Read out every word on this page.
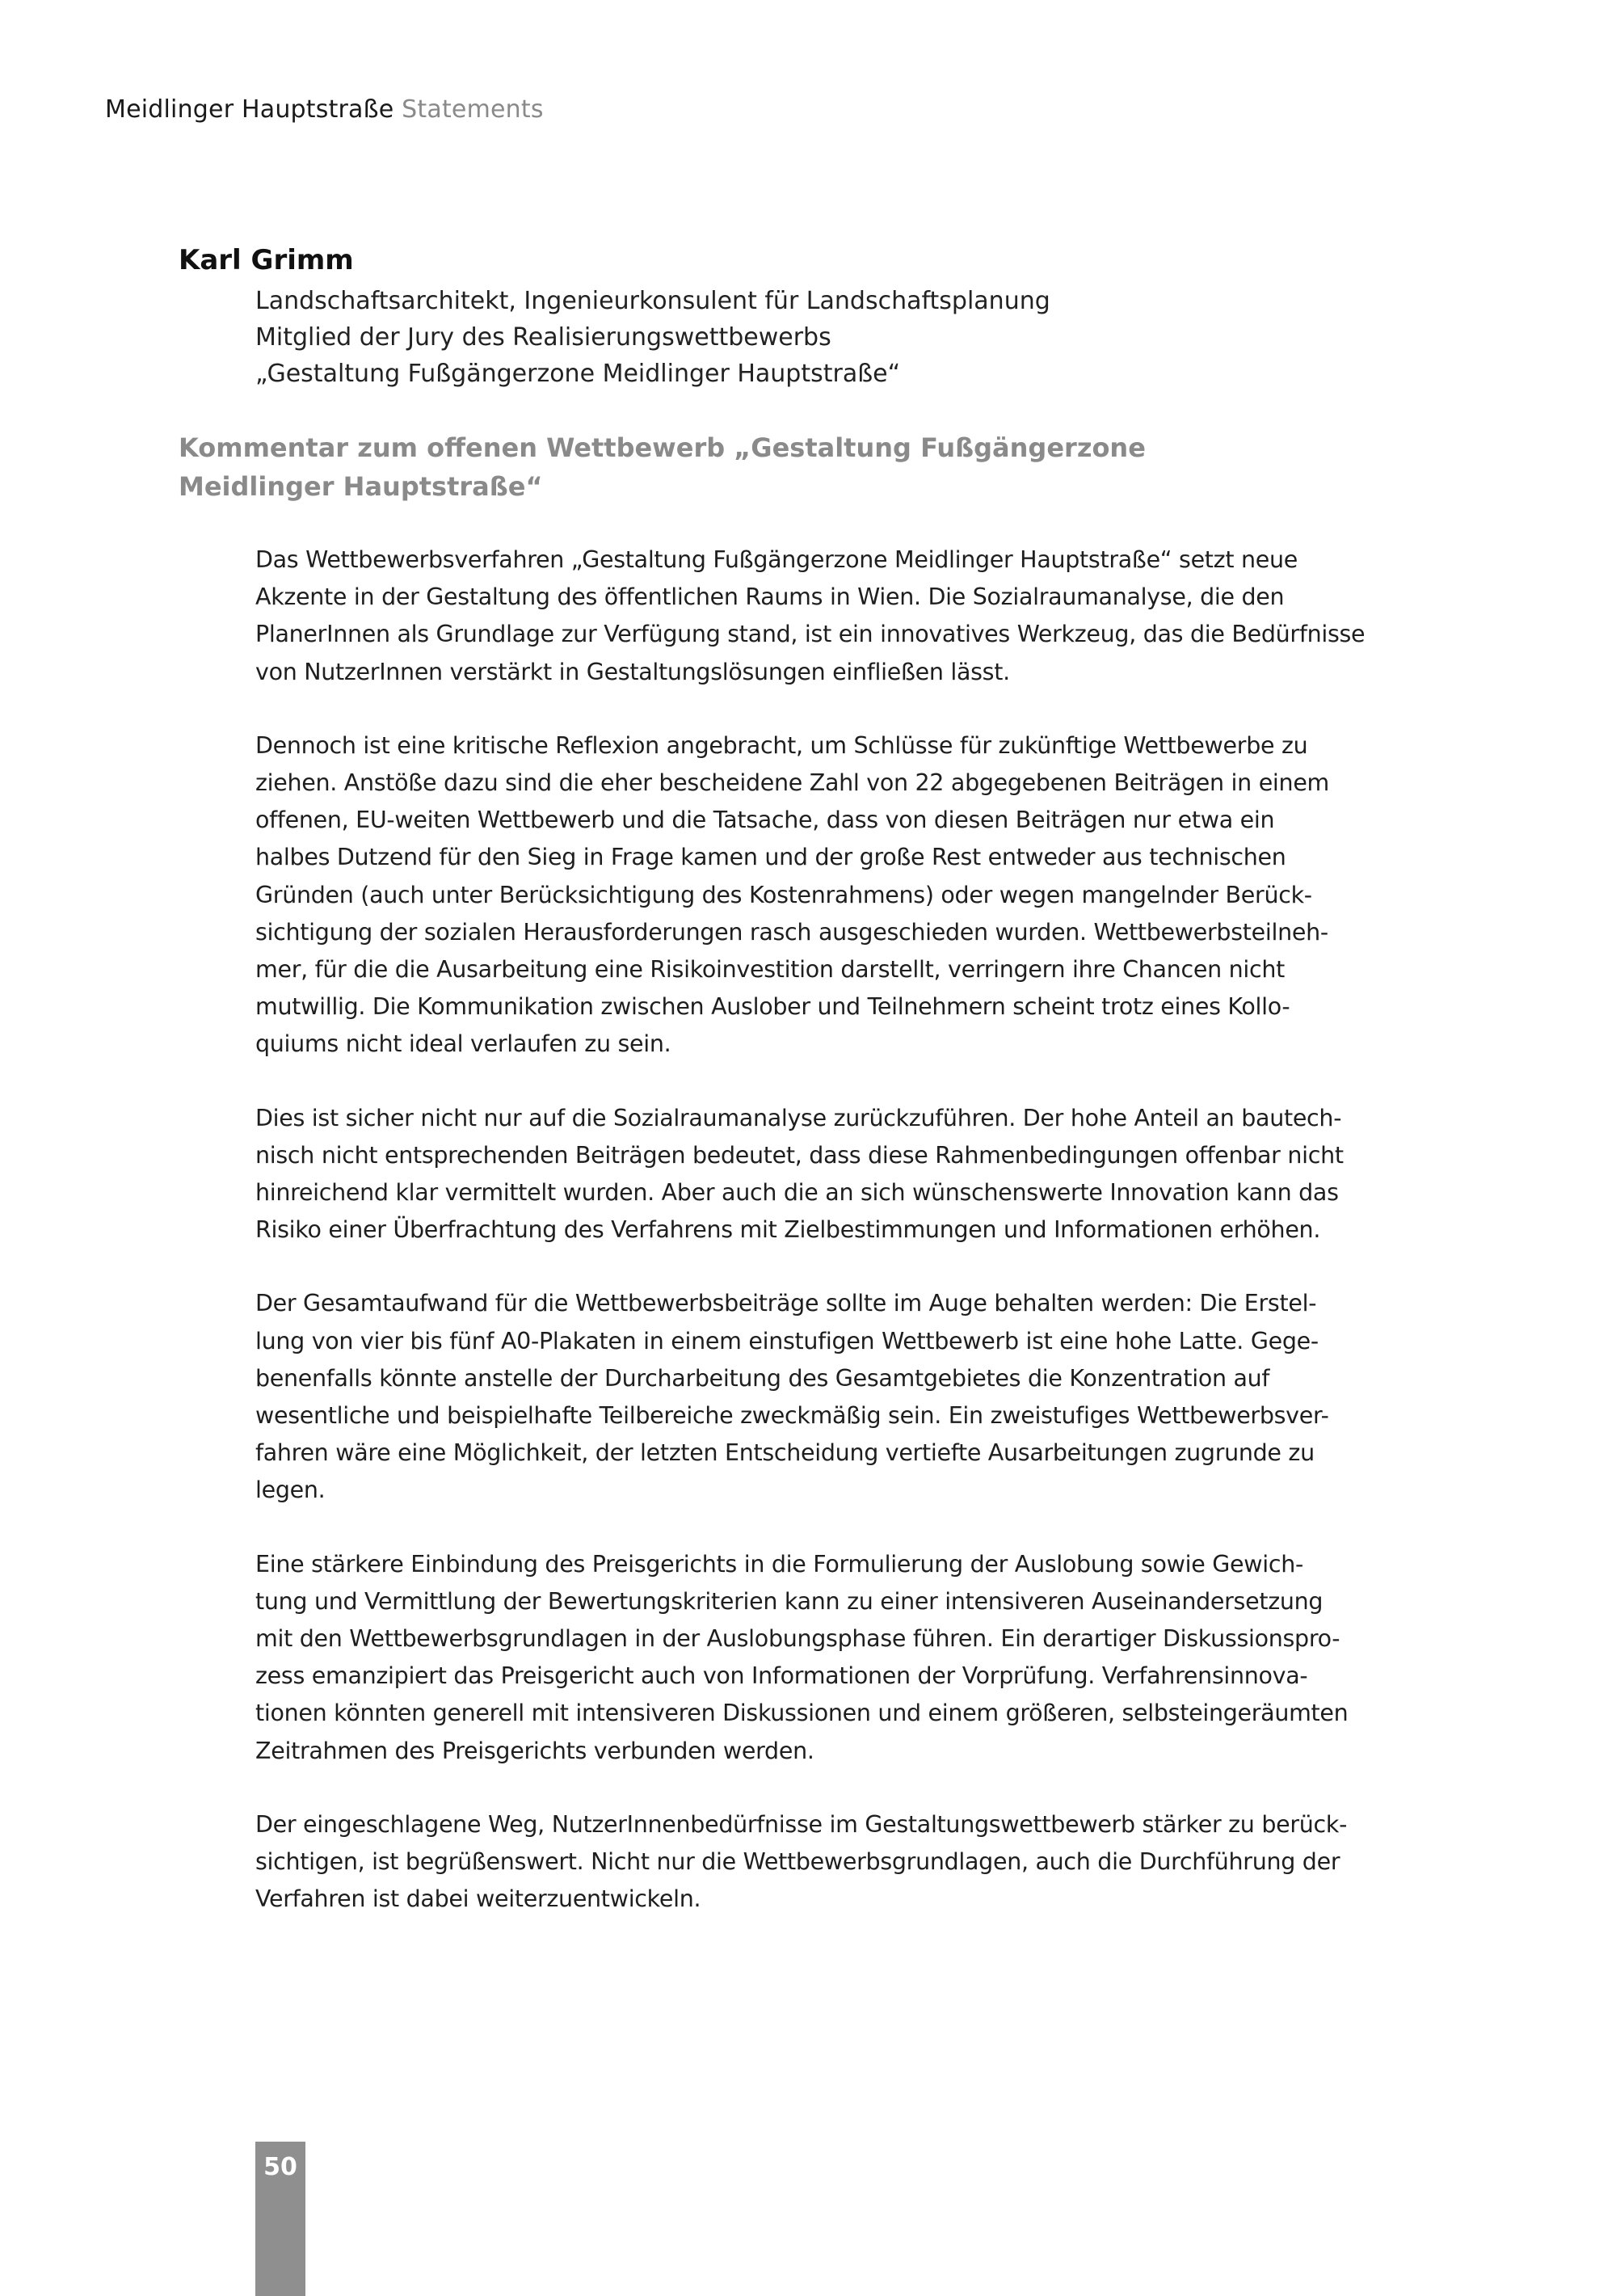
Meidlinger Hauptstraße Statements
Karl Grimm
Landschaftsarchitekt, Ingenieurkonsulent für Landschaftsplanung
Mitglied der Jury des Realisierungswettbewerbs
„Gestaltung Fußgängerzone Meidlinger Hauptstraße“
Kommentar zum offenen Wettbewerb „Gestaltung Fußgängerzone
Meidlinger Hauptstraße“
Das Wettbewerbsverfahren „Gestaltung Fußgängerzone Meidlinger Hauptstraße“ setzt neue
Akzente in der Gestaltung des öffentlichen Raums in Wien. Die Sozialraumanalyse, die den
PlanerInnen als Grundlage zur Verfügung stand, ist ein innovatives Werkzeug, das die Bedürfnisse
von NutzerInnen verstärkt in Gestaltungslösungen einfließen lässt.
Dennoch ist eine kritische Reflexion angebracht, um Schlüsse für zukünftige Wettbewerbe zu
ziehen. Anstöße dazu sind die eher bescheidene Zahl von 22 abgegebenen Beiträgen in einem
offenen, EU-weiten Wettbewerb und die Tatsache, dass von diesen Beiträgen nur etwa ein
halbes Dutzend für den Sieg in Frage kamen und der große Rest entweder aus technischen
Gründen (auch unter Berücksichtigung des Kostenrahmens) oder wegen mangelnder Berück-
sichtigung der sozialen Herausforderungen rasch ausgeschieden wurden. Wettbewerbsteilneh-
mer, für die die Ausarbeitung eine Risikoinvestition darstellt, verringern ihre Chancen nicht
mutwillig. Die Kommunikation zwischen Auslober und Teilnehmern scheint trotz eines Kollo-
quiums nicht ideal verlaufen zu sein.
Dies ist sicher nicht nur auf die Sozialraumanalyse zurückzuführen. Der hohe Anteil an bautech-
nisch nicht entsprechenden Beiträgen bedeutet, dass diese Rahmenbedingungen offenbar nicht
hinreichend klar vermittelt wurden. Aber auch die an sich wünschenswerte Innovation kann das
Risiko einer Überfrachtung des Verfahrens mit Zielbestimmungen und Informationen erhöhen.
Der Gesamtaufwand für die Wettbewerbsbeiträge sollte im Auge behalten werden: Die Erstel-
lung von vier bis fünf A0-Plakaten in einem einstufigen Wettbewerb ist eine hohe Latte. Gege-
benenfalls könnte anstelle der Durcharbeitung des Gesamtgebietes die Konzentration auf
wesentliche und beispielhafte Teilbereiche zweckmäßig sein. Ein zweistufiges Wettbewerbsver-
fahren wäre eine Möglichkeit, der letzten Entscheidung vertiefte Ausarbeitungen zugrunde zu
legen.
Eine stärkere Einbindung des Preisgerichts in die Formulierung der Auslobung sowie Gewich-
tung und Vermittlung der Bewertungskriterien kann zu einer intensiveren Auseinandersetzung
mit den Wettbewerbsgrundlagen in der Auslobungsphase führen. Ein derartiger Diskussionspro-
zess emanzipiert das Preisgericht auch von Informationen der Vorprüfung. Verfahrensinnova-
tionen könnten generell mit intensiveren Diskussionen und einem größeren, selbsteingeräumten
Zeitrahmen des Preisgerichts verbunden werden.
Der eingeschlagene Weg, NutzerInnenbedürfnisse im Gestaltungswettbewerb stärker zu berück-
sichtigen, ist begrüßenswert. Nicht nur die Wettbewerbsgrundlagen, auch die Durchführung der
Verfahren ist dabei weiterzuentwickeln.
50
